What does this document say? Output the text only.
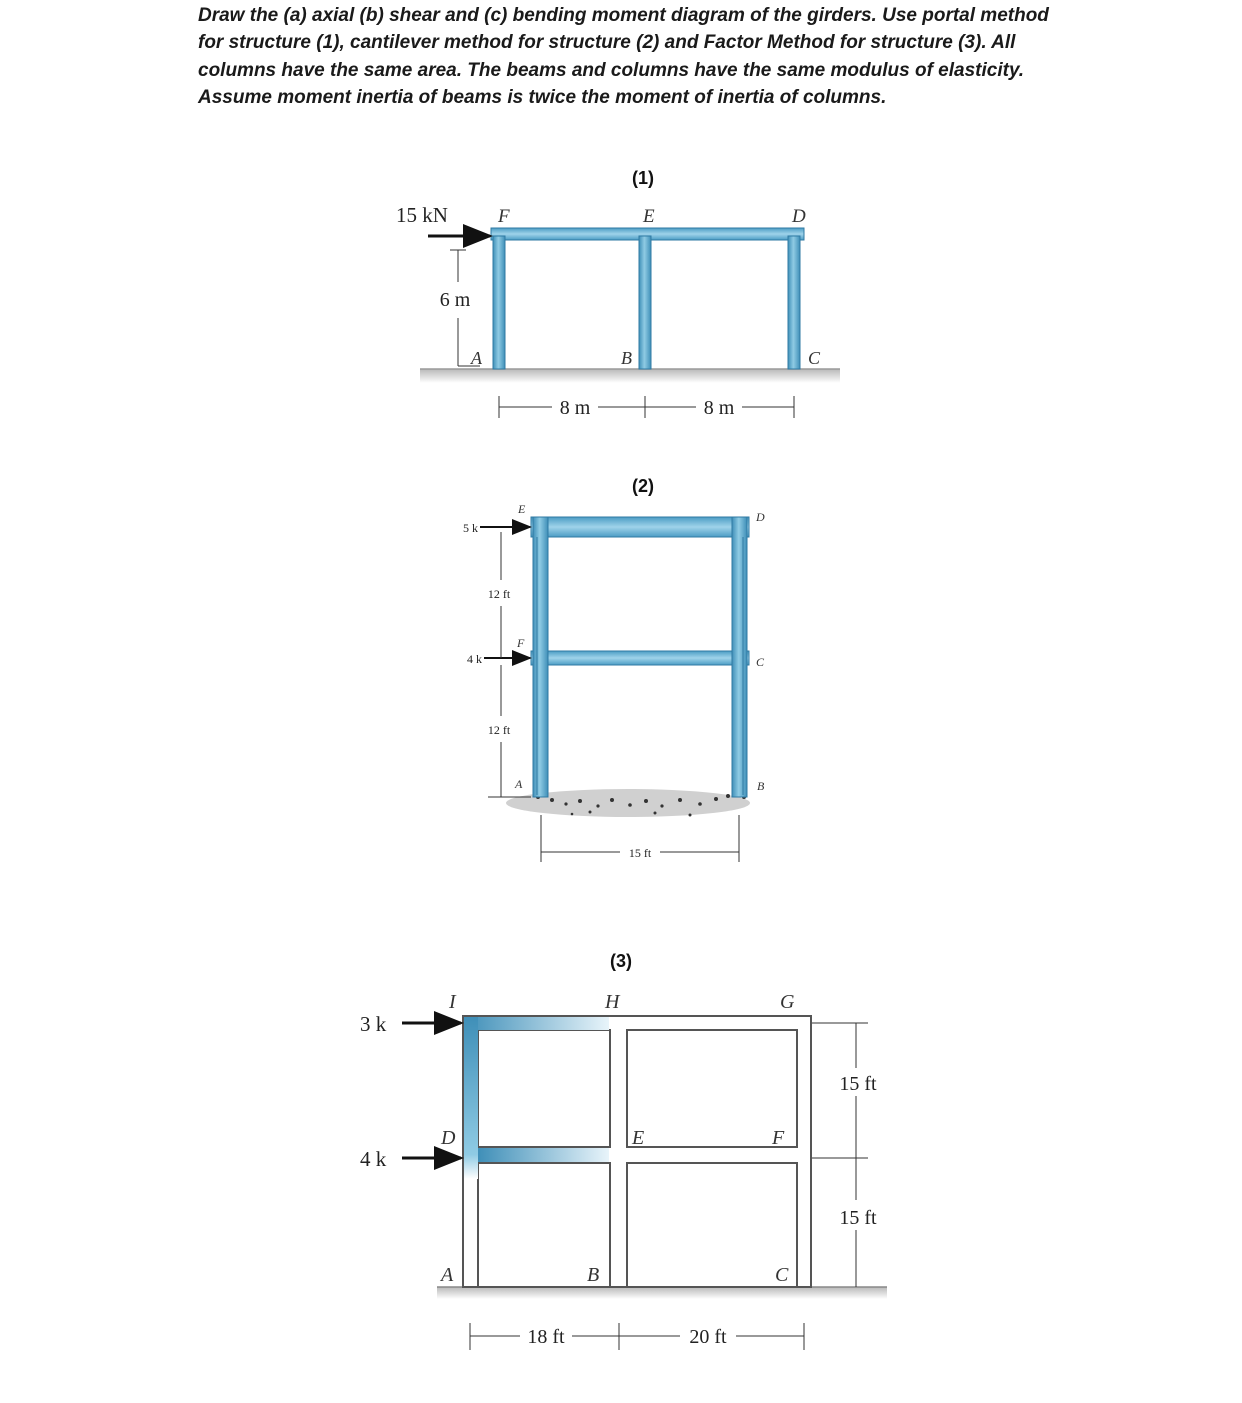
Draw the (a) axial (b) shear and (c) bending moment diagram of the girders. Use portal method for structure (1), cantilever method for structure (2) and Factor Method for structure (3). All columns have the same area. The beams and columns have the same modulus of elasticity. Assume moment inertia of beams is twice the moment of inertia of columns.

(1)
15 kN
6 m
8 m	8 m
F	E	D
A	B	C
(2)
5 k
4 k
12 ft
12 ft
15 ft
E
D
F
C
A	B
(3)
3 k
4 k
15 ft
15 ft
18 ft	20 ft
I	H	G
D	E	F
A	B	C
